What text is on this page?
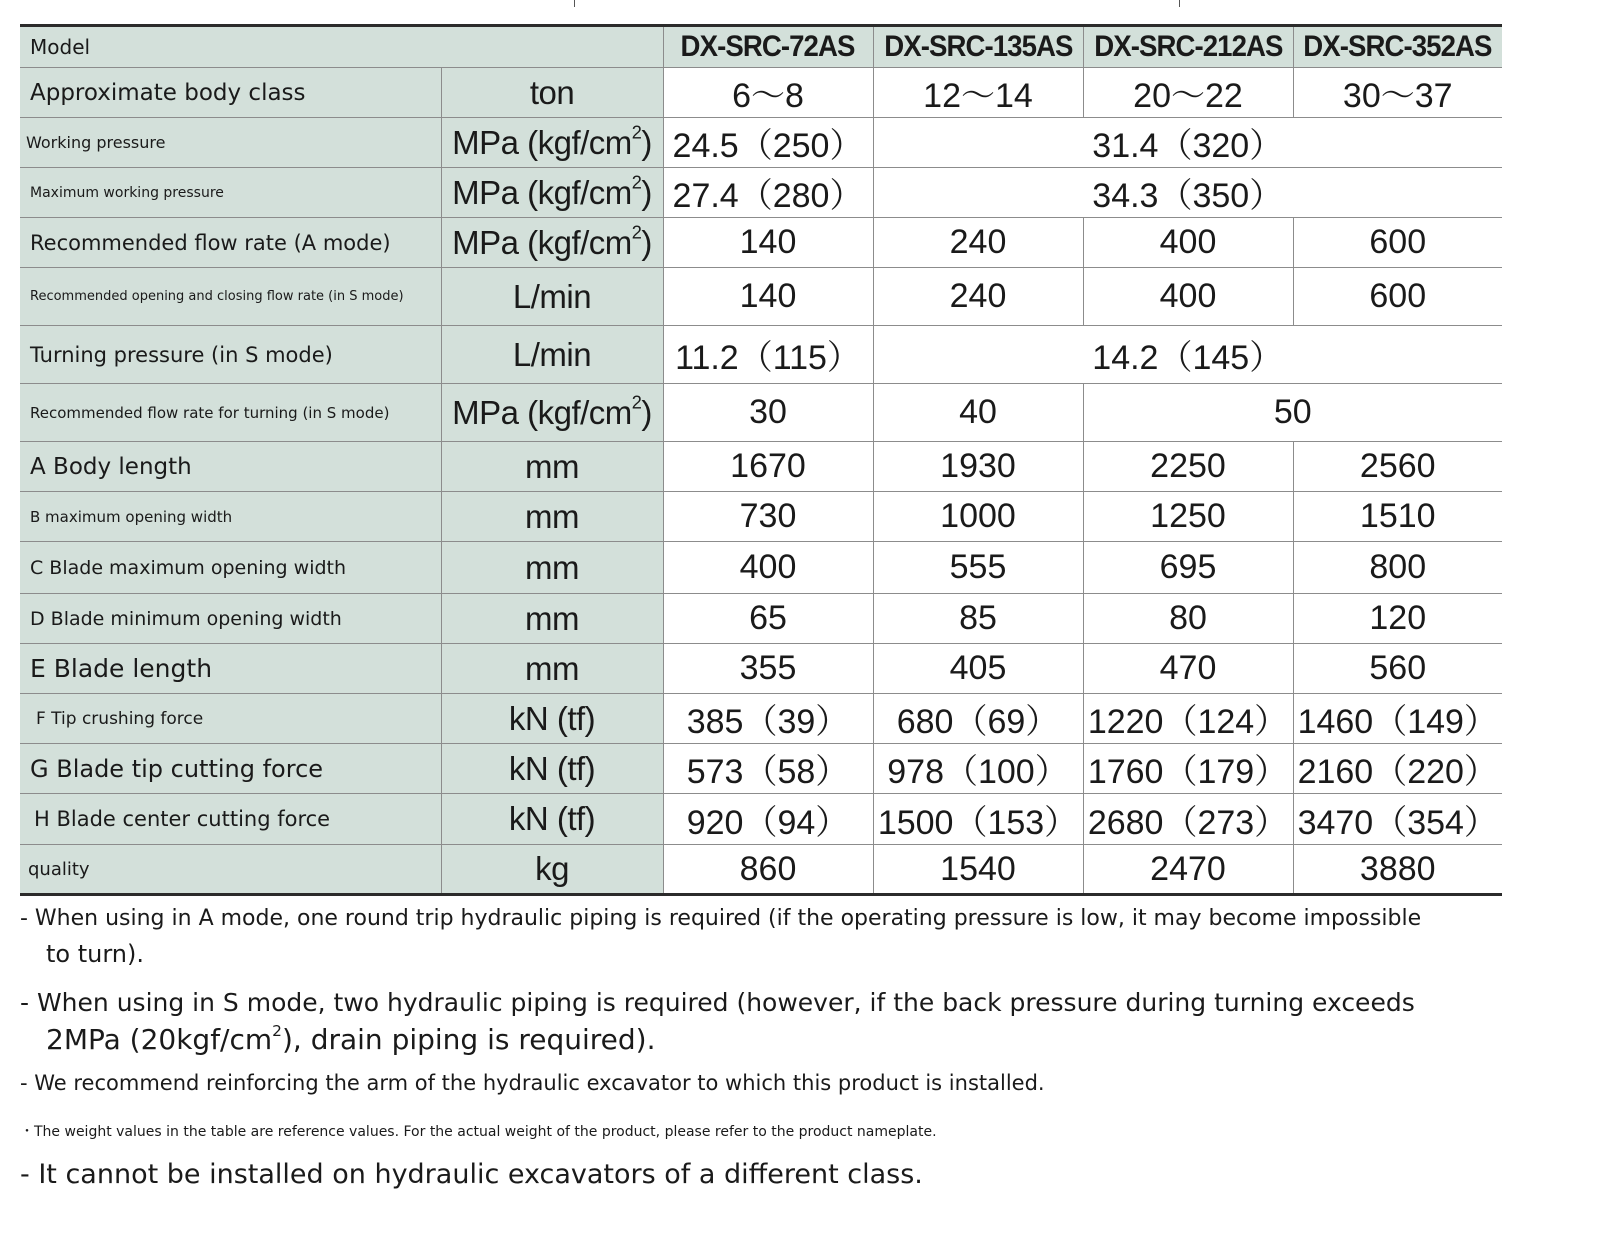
Model		DX-SRC-72AS	DX-SRC-135AS	DX-SRC-212AS	DX-SRC-352AS
Approximate body class	ton	6～8	12～14	20～22	30～37
Working pressure	MPa $(kgf/cm^2)$	24.5（250）	31.4（320）		
Maximum working pressure	MPa $(kgf/cm^2)$	27.4（280）	34.3（350）		
Recommended flow rate (A mode)	MPa $(kgf/cm^2)$	140	240	400	600
Recommended opening and closing flow rate (in S mode)	L/min	140	240	400	600
Turning pressure (in S mode)	L/min	11.2（115）	14.2（145）		
Recommended flow rate for turning (in S mode)	MPa $(kgf/cm^2)$	30	40	50	
A Body length	mm	1670	1930	2250	2560
B maximum opening width	mm	730	1000	1250	1510
C Blade maximum opening width	mm	400	555	695	800
D Blade minimum opening width	mm	65	85	80	120
E Blade length	mm	355	405	470	560
F Tip crushing force	kN (tf)	385（39）	680（69）	1220（124）	1460（149）
G Blade tip cutting force	kN (tf)	573（58）	978（100）	1760（179）	2160（220）
H Blade center cutting force	kN (tf)	920（94）	1500（153）	2680（273）	3470（354）
quality	kg	860	1540	2470	3880
- When using in A mode, one round trip hydraulic piping is required (if the operating pressure is low, it may become impossible
to turn).
- When using in S mode, two hydraulic piping is required (however, if the back pressure during turning exceeds
2MPa $(20kgf/cm^2)$, drain piping is required).
- We recommend reinforcing the arm of the hydraulic excavator to which this product is installed.
・The weight values in the table are reference values. For the actual weight of the product, please refer to the product nameplate.
- It cannot be installed on hydraulic excavators of a different class.
